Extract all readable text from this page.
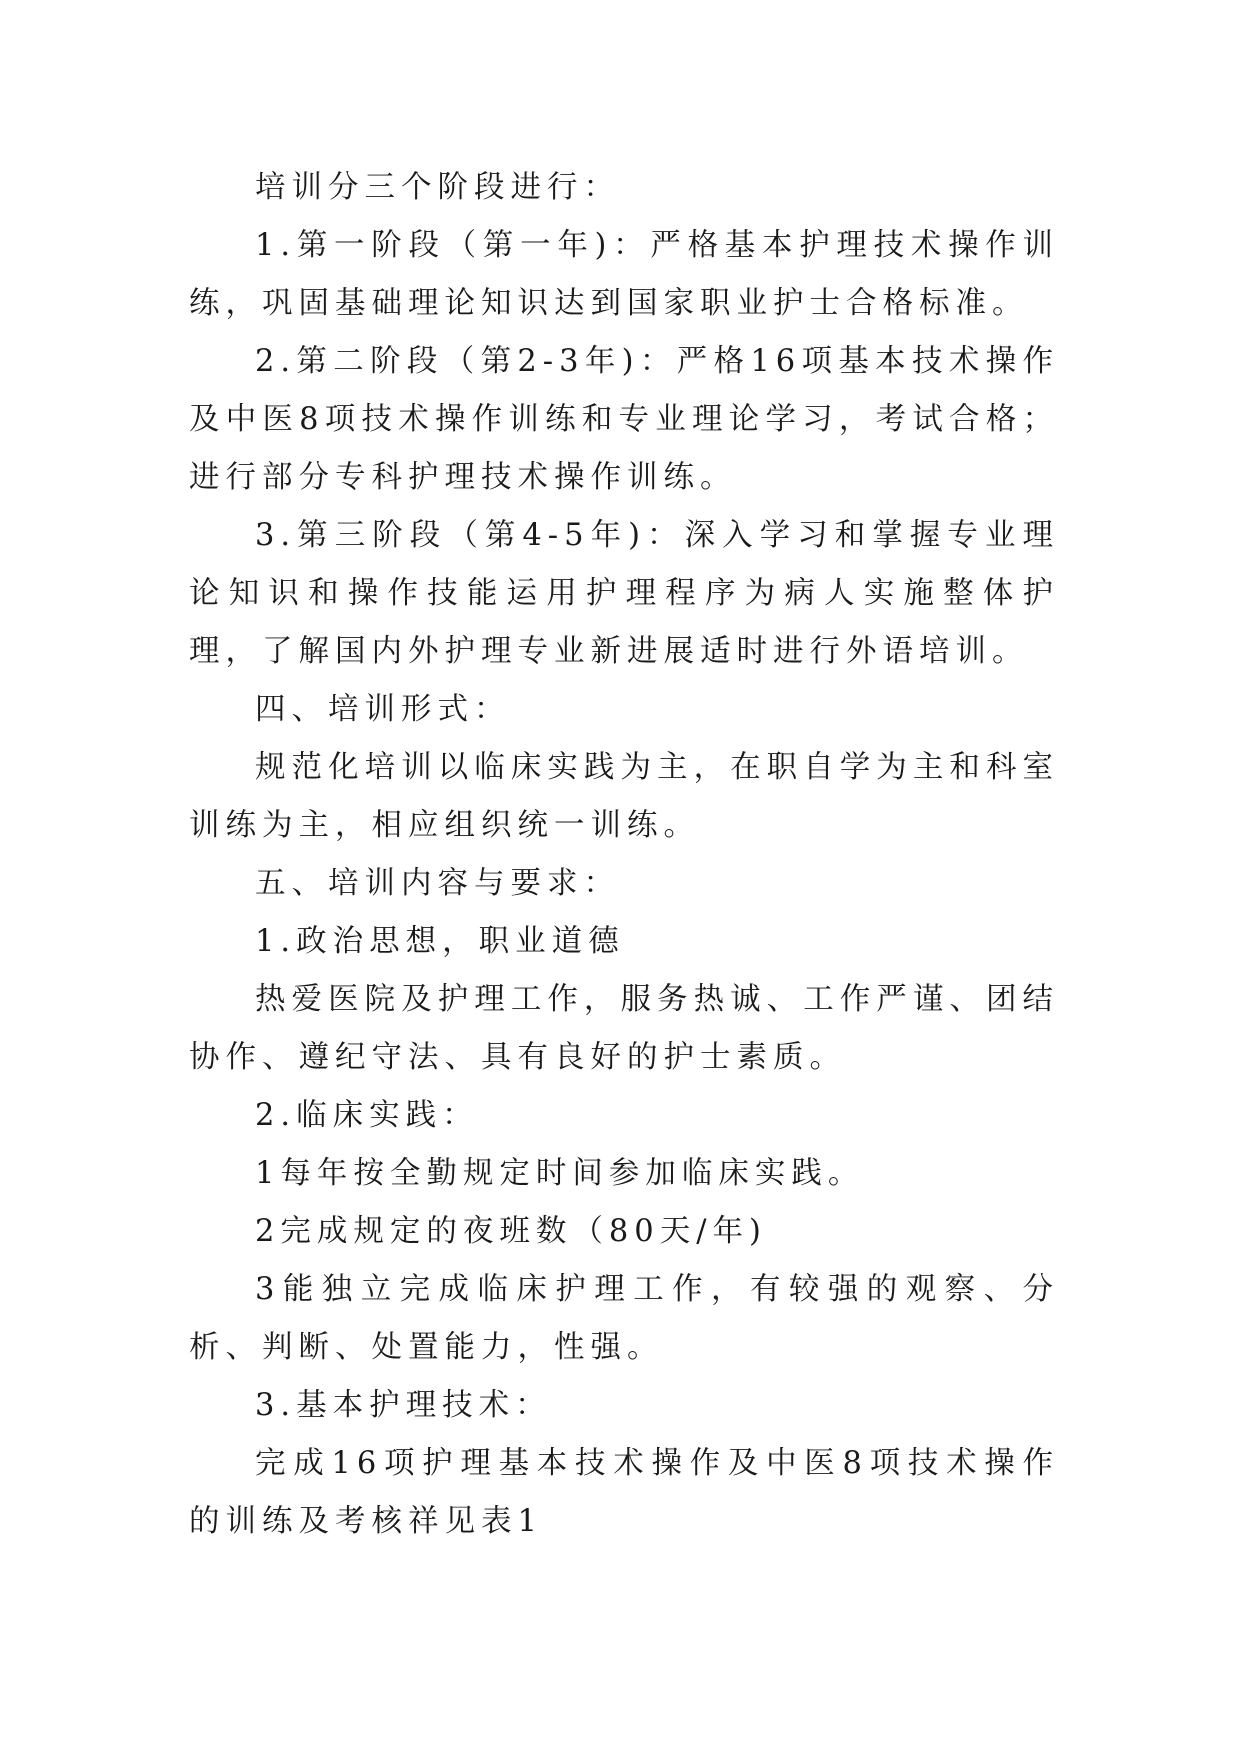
培训分三个阶段进行：

1.第一阶段（第一年)：严格基本护理技术操作训练，巩固基础理论知识达到国家职业护士合格标准。

2.第二阶段（第2-3年)：严格16项基本技术操作及中医8项技术操作训练和专业理论学习，考试合格；进行部分专科护理技术操作训练。

3.第三阶段（第4-5年)：深入学习和掌握专业理论知识和操作技能运用护理程序为病人实施整体护理，了解国内外护理专业新进展适时进行外语培训。

四、培训形式：

规范化培训以临床实践为主，在职自学为主和科室训练为主，相应组织统一训练。

五、培训内容与要求：

1.政治思想，职业道德

热爱医院及护理工作，服务热诚、工作严谨、团结协作、遵纪守法、具有良好的护士素质。

2.临床实践：

1每年按全勤规定时间参加临床实践。

2完成规定的夜班数（80天/年)

3能独立完成临床护理工作，有较强的观察、分析、判断、处置能力，性强。

3.基本护理技术：

完成16项护理基本技术操作及中医8项技术操作的训练及考核祥见表1
